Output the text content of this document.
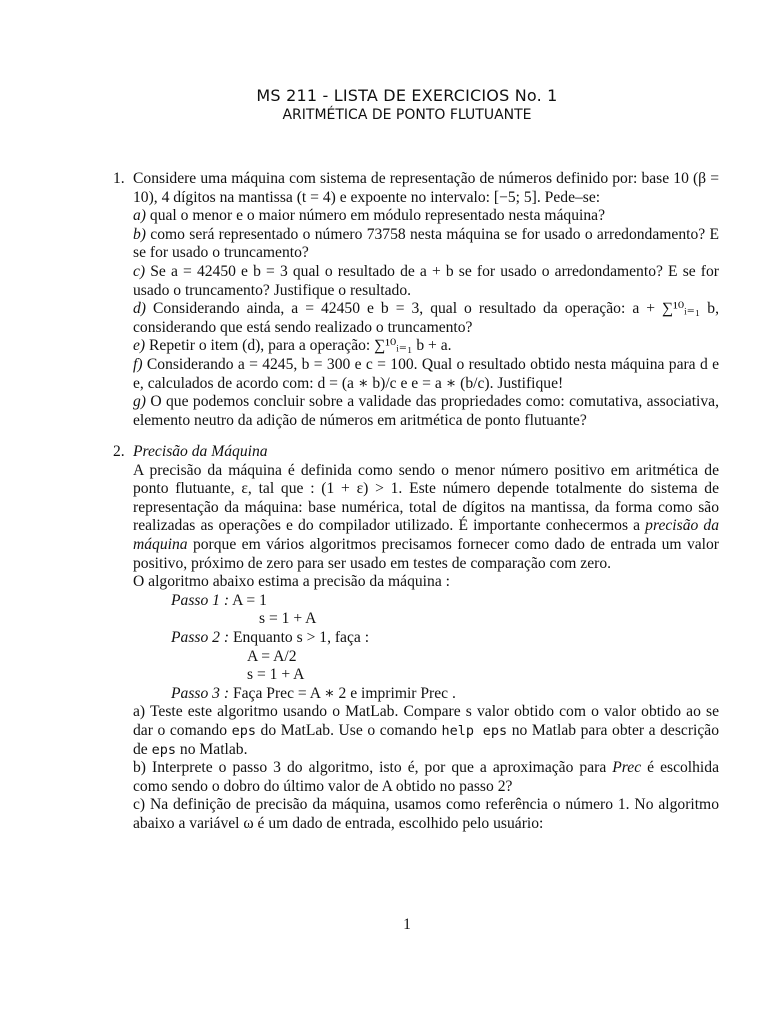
MS 211 - LISTA DE EXERCICIOS No. 1
ARITMÉTICA DE PONTO FLUTUANTE
1. Considere uma máquina com sistema de representação de números definido por: base 10 (β = 10), 4 dígitos na mantissa (t = 4) e expoente no intervalo: [−5; 5]. Pede–se:

a) qual o menor e o maior número em módulo representado nesta máquina?

b) como será representado o número 73758 nesta máquina se for usado o arredondamento? E se for usado o truncamento?

c) Se a = 42450 e b = 3 qual o resultado de a + b se for usado o arredondamento? E se for usado o truncamento? Justifique o resultado.

d) Considerando ainda, a = 42450 e b = 3, qual o resultado da operação: a + ∑¹⁰ᵢ₌₁ b, considerando que está sendo realizado o truncamento?

e) Repetir o item (d), para a operação: ∑¹⁰ᵢ₌₁ b + a.

f) Considerando a = 4245, b = 300 e c = 100. Qual o resultado obtido nesta máquina para d e e, calculados de acordo com: d = (a ∗ b)/c e e = a ∗ (b/c). Justifique!

g) O que podemos concluir sobre a validade das propriedades como: comutativa, associativa, elemento neutro da adição de números em aritmética de ponto flutuante?

2. Precisão da Máquina

A precisão da máquina é definida como sendo o menor número positivo em aritmética de ponto flutuante, ε, tal que : (1 + ε) > 1. Este número depende totalmente do sistema de representação da máquina: base numérica, total de dígitos na mantissa, da forma como são realizadas as operações e do compilador utilizado. É importante conhecermos a precisão da máquina porque em vários algoritmos precisamos fornecer como dado de entrada um valor positivo, próximo de zero para ser usado em testes de comparação com zero.

O algoritmo abaixo estima a precisão da máquina :

Passo 1 : A = 1
s = 1 + A
Passo 2 : Enquanto s > 1, faça :
A = A/2
s = 1 + A
Passo 3 : Faça Prec = A ∗ 2 e imprimir Prec .

a) Teste este algoritmo usando o MatLab. Compare s valor obtido com o valor obtido ao se dar o comando eps do MatLab. Use o comando help eps no Matlab para obter a descrição de eps no Matlab.

b) Interprete o passo 3 do algoritmo, isto é, por que a aproximação para Prec é escolhida como sendo o dobro do último valor de A obtido no passo 2?

c) Na definição de precisão da máquina, usamos como referência o número 1. No algoritmo abaixo a variável ω é um dado de entrada, escolhido pelo usuário:

1
